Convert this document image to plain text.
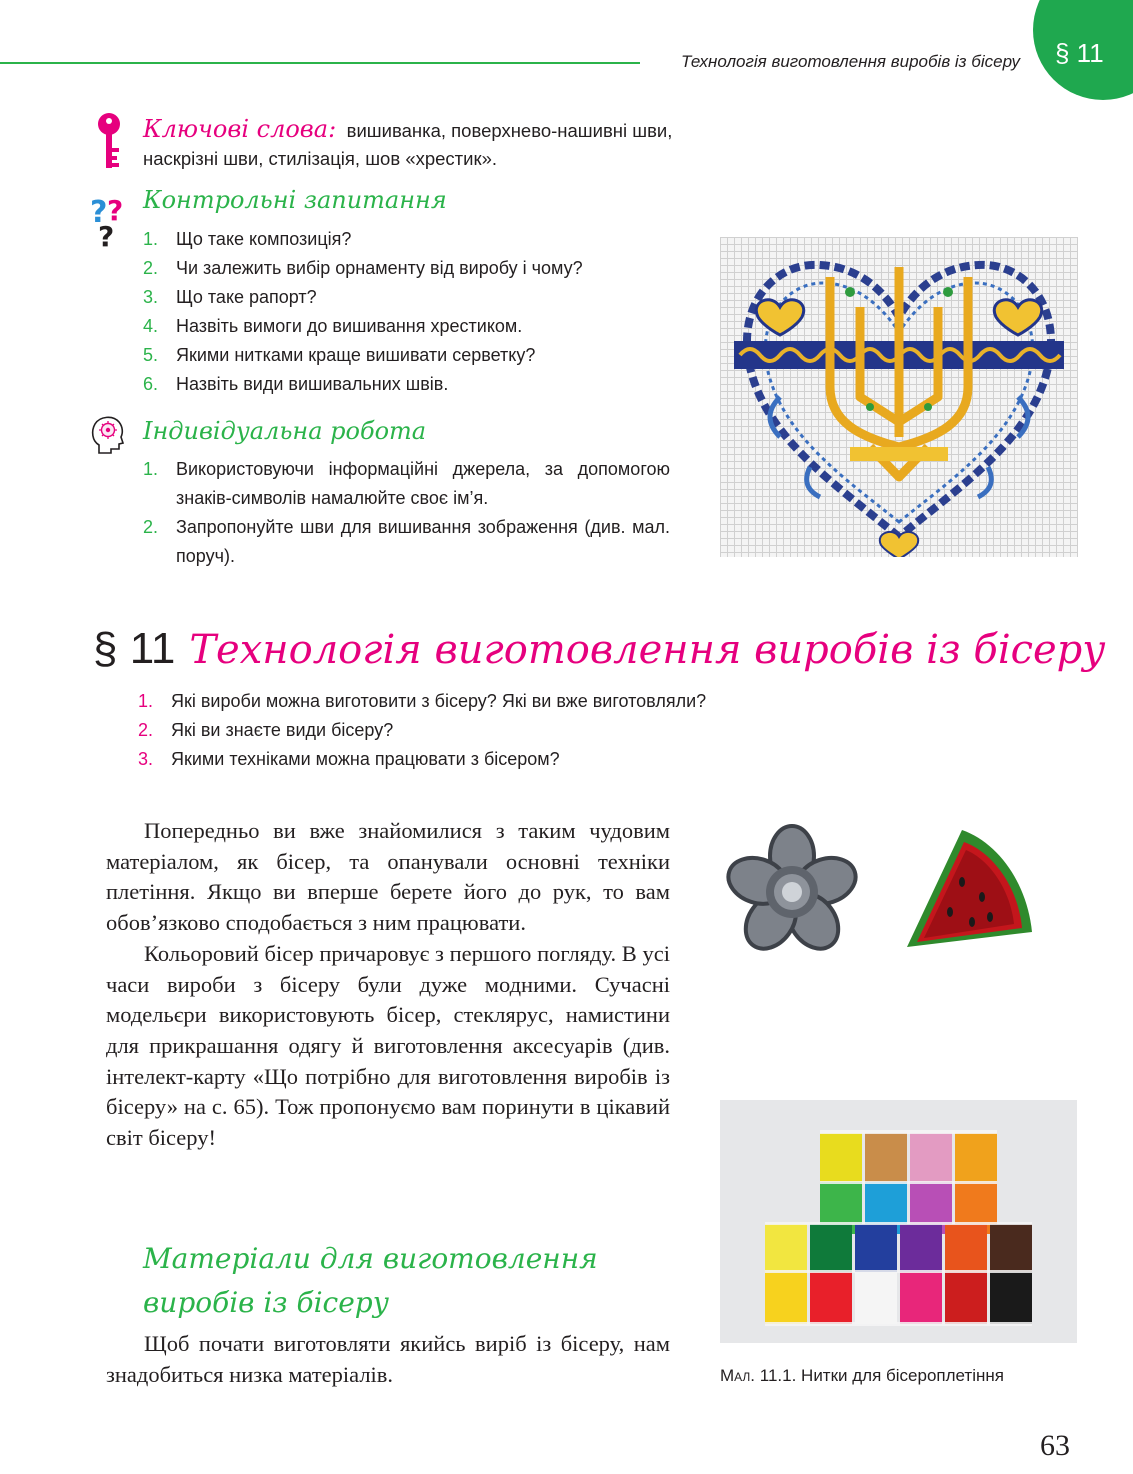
Технологія виготовлення виробів із бісеру § 11
Ключові слова: вишиванка, поверхнево-нашивні шви, наскрізні шви, стилізація, шов «хрестик».
? ?
?
Контрольні запитання
1. Що таке композиція?
2. Чи залежить вибір орнаменту від виробу і чому?
3. Що таке рапорт?
4. Назвіть вимоги до вишивання хрестиком.
5. Якими нитками краще вишивати серветку?
6. Назвіть види вишивальних швів.
Індивідуальна робота
1. Використовуючи інформаційні джерела, за допомогою знаків-символів намалюйте своє ім’я.
2. Запропонуйте шви для вишивання зображення (див. мал. поруч).
§ 11 Технологія виготовлення виробів із бісеру
1. Які вироби можна виготовити з бісеру? Які ви вже виготовляли?
2. Які ви знаєте види бісеру?
3. Якими техніками можна працювати з бісером?

Попередньо ви вже знайомилися з таким чудовим матеріалом, як бісер, та опанували основні техніки плетіння. Якщо ви вперше берете його до рук, то вам обов’язково сподобається з ним працювати.

Кольоровий бісер причаровує з першого погляду. В усі часи вироби з бісеру були дуже модними. Сучасні модельєри використовують бісер, стеклярус, намистини для прикрашання одягу й виготовлення аксесуарів (див. інтелект-карту «Що потрібно для виготовлення виробів із бісеру» на с. 65). Тож пропонуємо вам поринути в цікавий світ бісеру!

Матеріали для виготовлення виробів із бісеру

Щоб почати виготовляти якийсь виріб із бісеру, нам знадобиться низка матеріалів.	Мал. 11.1. Нитки для бісероплетіння
63
